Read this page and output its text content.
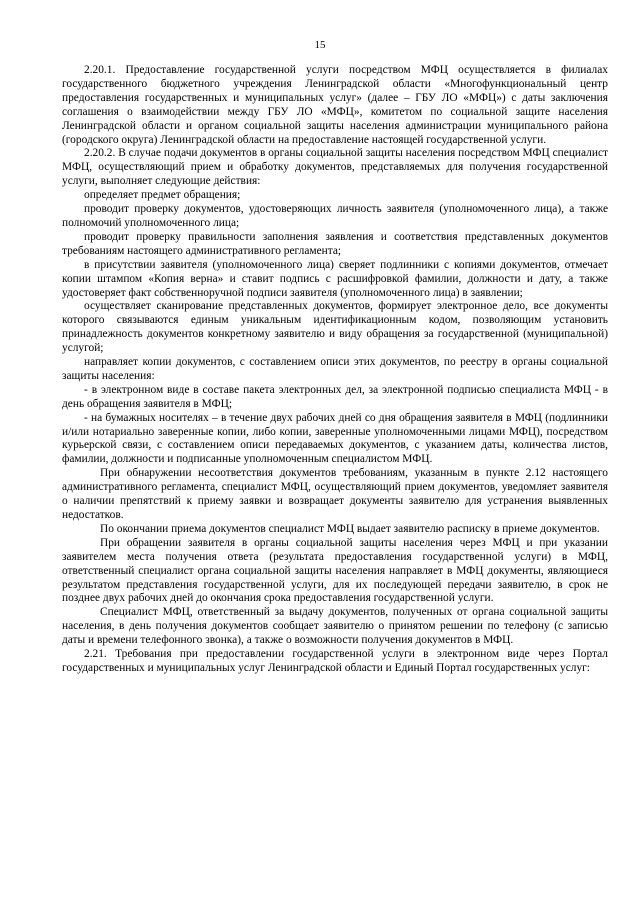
15

2.20.1. Предоставление государственной услуги посредством МФЦ осуществляется в филиалах государственного бюджетного учреждения Ленинградской области «Многофункциональный центр предоставления государственных и муниципальных услуг» (далее – ГБУ ЛО «МФЦ») с даты заключения соглашения о взаимодействии между ГБУ ЛО «МФЦ», комитетом по социальной защите населения Ленинградской области и органом социальной защиты населения администрации муниципального района (городского округа) Ленинградской области на предоставление настоящей государственной услуги.

2.20.2. В случае подачи документов в органы социальной защиты населения посредством МФЦ специалист МФЦ, осуществляющий прием и обработку документов, представляемых для получения государственной услуги, выполняет следующие действия:

определяет предмет обращения;

проводит проверку документов, удостоверяющих личность заявителя (уполномоченного лица), а также полномочий уполномоченного лица;

проводит проверку правильности заполнения заявления и соответствия представленных документов требованиям настоящего административного регламента;

в присутствии заявителя (уполномоченного лица) сверяет подлинники с копиями документов, отмечает копии штампом «Копия верна» и ставит подпись с расшифровкой фамилии, должности и дату, а также удостоверяет факт собственноручной подписи заявителя (уполномоченного лица) в заявлении;

осуществляет сканирование представленных документов, формирует электронное дело, все документы которого связываются единым уникальным идентификационным кодом, позволяющим установить принадлежность документов конкретному заявителю и виду обращения за государственной (муниципальной) услугой;

направляет копии документов, с составлением описи этих документов, по реестру в органы социальной защиты населения:

- в электронном виде в составе пакета электронных дел, за электронной подписью специалиста МФЦ - в день обращения заявителя в МФЦ;

- на бумажных носителях – в течение двух рабочих дней со дня обращения заявителя в МФЦ (подлинники и/или нотариально заверенные копии, либо копии, заверенные уполномоченными лицами МФЦ), посредством курьерской связи, с составлением описи передаваемых документов, с указанием даты, количества листов, фамилии, должности и подписанные уполномоченным специалистом МФЦ.

При обнаружении несоответствия документов требованиям, указанным в пункте 2.12 настоящего административного регламента, специалист МФЦ, осуществляющий прием документов, уведомляет заявителя о наличии препятствий к приему заявки и возвращает документы заявителю для устранения выявленных недостатков.

По окончании приема документов специалист МФЦ выдает заявителю расписку в приеме документов.

При обращении заявителя в органы социальной защиты населения через МФЦ и при указании заявителем места получения ответа (результата предоставления государственной услуги) в МФЦ, ответственный специалист органа социальной защиты населения направляет в МФЦ документы, являющиеся результатом представления государственной услуги, для их последующей передачи заявителю, в срок не позднее двух рабочих дней до окончания срока предоставления государственной услуги.

Специалист МФЦ, ответственный за выдачу документов, полученных от органа социальной защиты населения, в день получения документов сообщает заявителю о принятом решении по телефону (с записью даты и времени телефонного звонка), а также о возможности получения документов в МФЦ.

2.21. Требования при предоставлении государственной услуги в электронном виде через Портал государственных и муниципальных услуг Ленинградской области и Единый Портал государственных услуг:
